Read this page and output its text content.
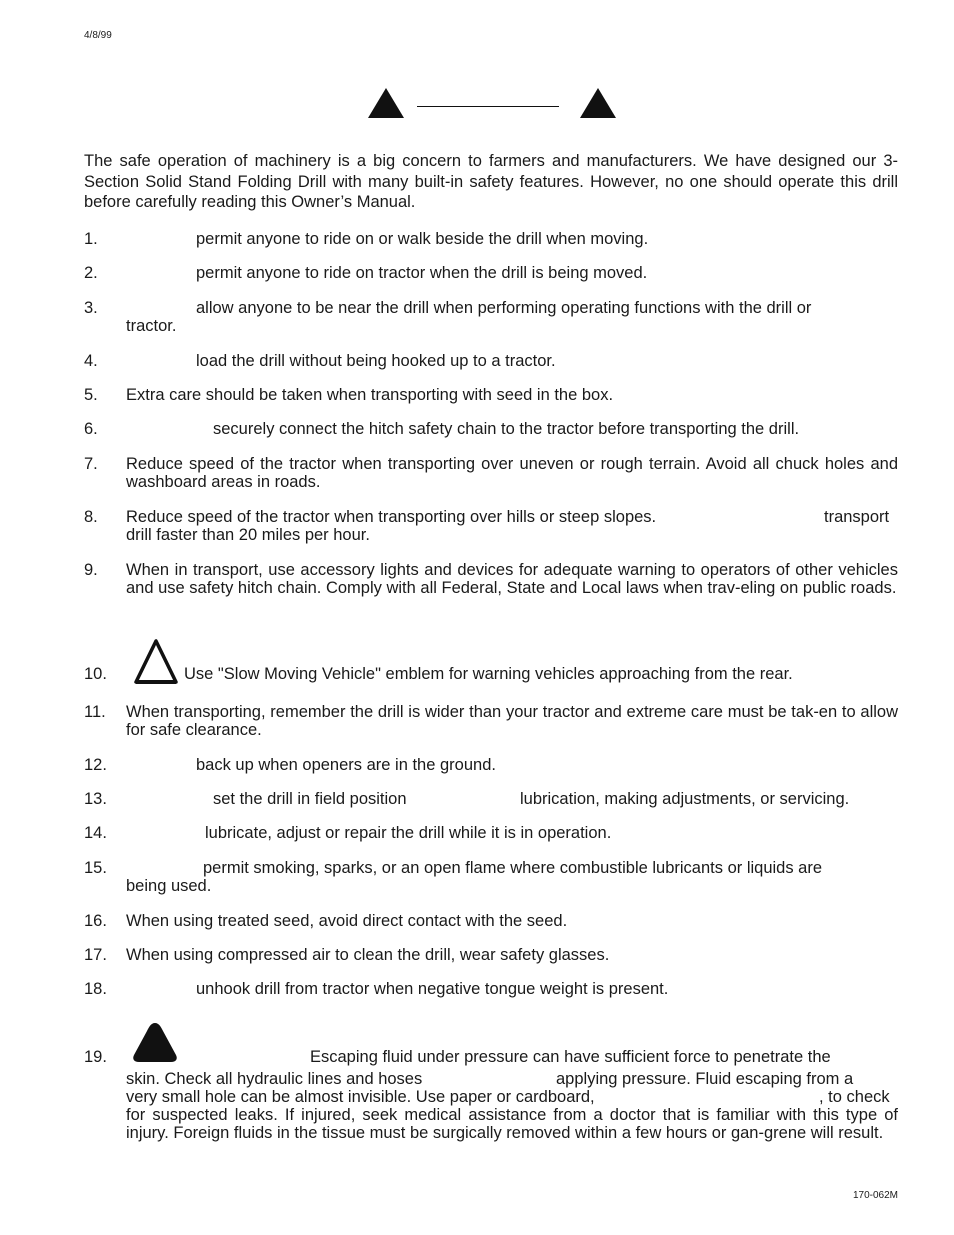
4/8/99
The safe operation of machinery is a big concern to farmers and manufacturers. We have designed our 3-Section Solid Stand Folding Drill with many built-in safety features. However, no one should operate this drill before carefully reading this Owner’s Manual.
1.	permit anyone to ride on or walk beside the drill when moving.
2.	permit anyone to ride on tractor when the drill is being moved.
3.	allow anyone to be near the drill when performing operating functions with the drill or
tractor.
4.	load the drill without being hooked up to a tractor.
5. Extra care should be taken when transporting with seed in the box.
6.	securely connect the hitch safety chain to the tractor before transporting the drill.
7. Reduce speed of the tractor when transporting over uneven or rough terrain. Avoid all chuck holes and washboard areas in roads.
8. Reduce speed of the tractor when transporting over hills or steep slopes.	transport
drill faster than 20 miles per hour.
9. When in transport, use accessory lights and devices for adequate warning to operators of other vehicles and use safety hitch chain. Comply with all Federal, State and Local laws when trav-eling on public roads.
10.	Use "Slow Moving Vehicle" emblem for warning vehicles approaching from the rear.
11. When transporting, remember the drill is wider than your tractor and extreme care must be tak-en to allow for safe clearance.
12.	back up when openers are in the ground.
13.	set the drill in field position	lubrication, making adjustments, or servicing.
14.	lubricate, adjust or repair the drill while it is in operation.
15.	permit smoking, sparks, or an open flame where combustible lubricants or liquids are
being used.
16. When using treated seed, avoid direct contact with the seed.
17. When using compressed air to clean the drill, wear safety glasses.
18.	unhook drill from tractor when negative tongue weight is present.
19.	Escaping fluid under pressure can have sufficient force to penetrate the
skin. Check all hydraulic lines and hoses	applying pressure. Fluid escaping from a
very small hole can be almost invisible. Use paper or cardboard,	, to check
for suspected leaks. If injured, seek medical assistance from a doctor that is familiar with this type of injury. Foreign fluids in the tissue must be surgically removed within a few hours or gan-grene will result.
170-062M
